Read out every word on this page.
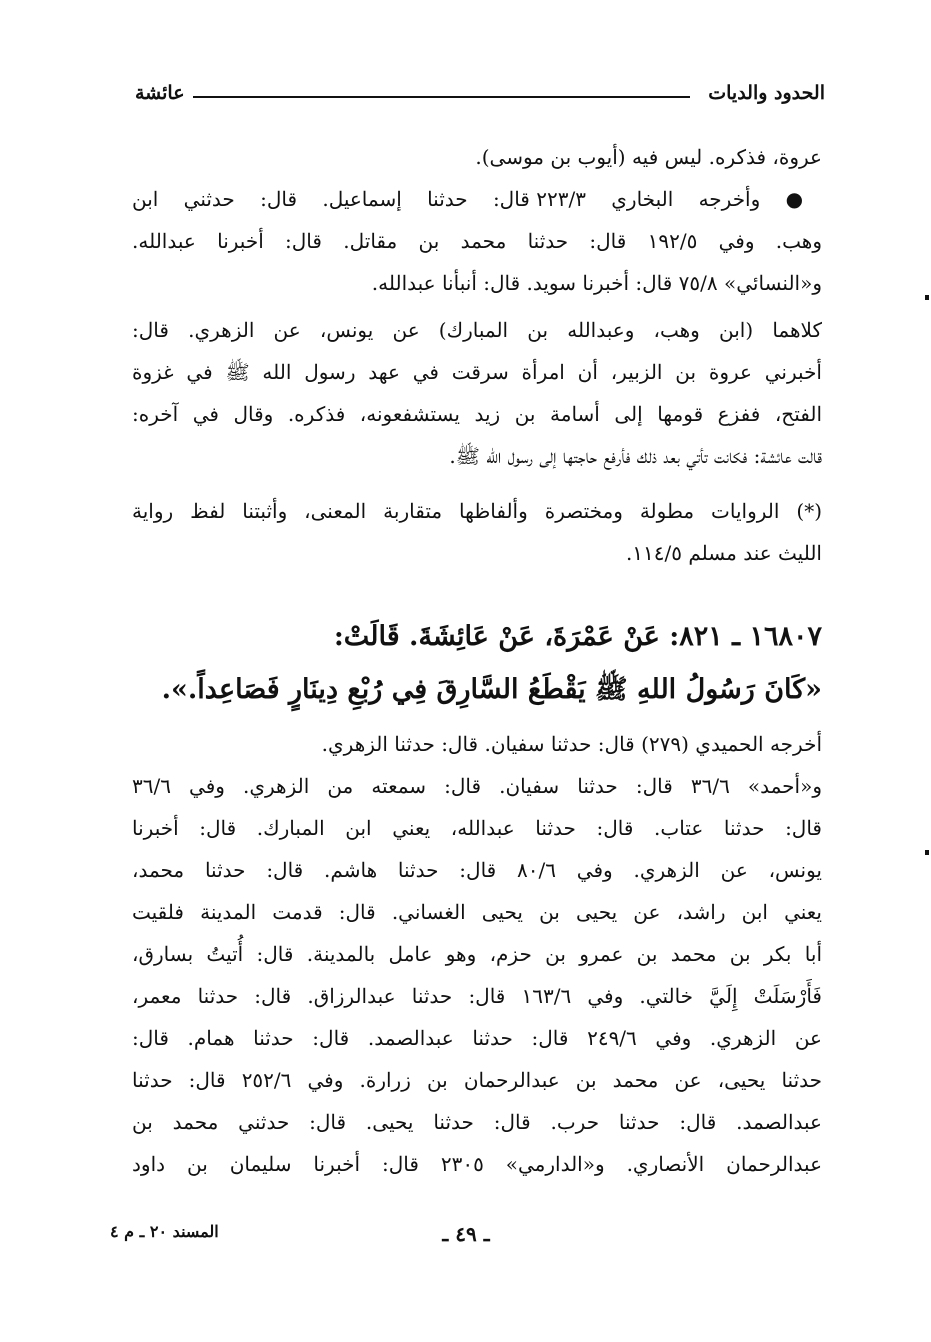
الحدود والديات
عائشة
عروة، فذكره. ليس فيه (أيوب بن موسى).
● وأخرجه البخاري ٢٢٣/٣ قال: حدثنا إسماعيل. قال: حدثني ابن
وهب. وفي ١٩٢/٥ قال: حدثنا محمد بن مقاتل. قال: أخبرنا عبدالله.
و«النسائي» ٧٥/٨ قال: أخبرنا سويد. قال: أنبأنا عبدالله.
كلاهما (ابن وهب، وعبدالله بن المبارك) عن يونس، عن الزهري. قال:
أخبرني عروة بن الزبير، أن امرأة سرقت في عهد رسول الله ﷺ في غزوة
الفتح، ففزع قومها إلى أسامة بن زيد يستشفعونه، فذكره. وقال في آخره:
قالت عائشة: فكانت تأتي بعد ذلك فأرفع حاجتها إلى رسول الله ﷺ.
(*) الروايات مطولة ومختصرة وألفاظها متقاربة المعنى، وأثبتنا لفظ رواية
الليث عند مسلم ١١٤/٥.
١٦٨٠٧ ـ ٨٢١: عَنْ عَمْرَةَ، عَنْ عَائِشَةَ. قَالَتْ:
«كَانَ رَسُولُ اللهِ ﷺ يَقْطَعُ السَّارِقَ فِي رُبْعِ دِينَارٍ فَصَاعِداً.».
أخرجه الحميدي (٢٧٩) قال: حدثنا سفيان. قال: حدثنا الزهري.
و«أحمد» ٣٦/٦ قال: حدثنا سفيان. قال: سمعته من الزهري. وفي ٣٦/٦
قال: حدثنا عتاب. قال: حدثنا عبدالله، يعني ابن المبارك. قال: أخبرنا
يونس، عن الزهري. وفي ٨٠/٦ قال: حدثنا هاشم. قال: حدثنا محمد،
يعني ابن راشد، عن يحيى بن يحيى الغساني. قال: قدمت المدينة فلقيت
أبا بكر بن محمد بن عمرو بن حزم، وهو عامل بالمدينة. قال: أُتيتُ بسارق،
فَأَرْسَلَتْ إِلَيَّ خالتي. وفي ١٦٣/٦ قال: حدثنا عبدالرزاق. قال: حدثنا معمر،
عن الزهري. وفي ٢٤٩/٦ قال: حدثنا عبدالصمد. قال: حدثنا همام. قال:
حدثنا يحيى، عن محمد بن عبدالرحمان بن زرارة. وفي ٢٥٢/٦ قال: حدثنا
عبدالصمد. قال: حدثنا حرب. قال: حدثنا يحيى. قال: حدثني محمد بن
عبدالرحمان الأنصاري. و«الدارمي» ٢٣٠٥ قال: أخبرنا سليمان بن داود
ـ ٤٩ ـ
المسند ٢٠ ـ م ٤
